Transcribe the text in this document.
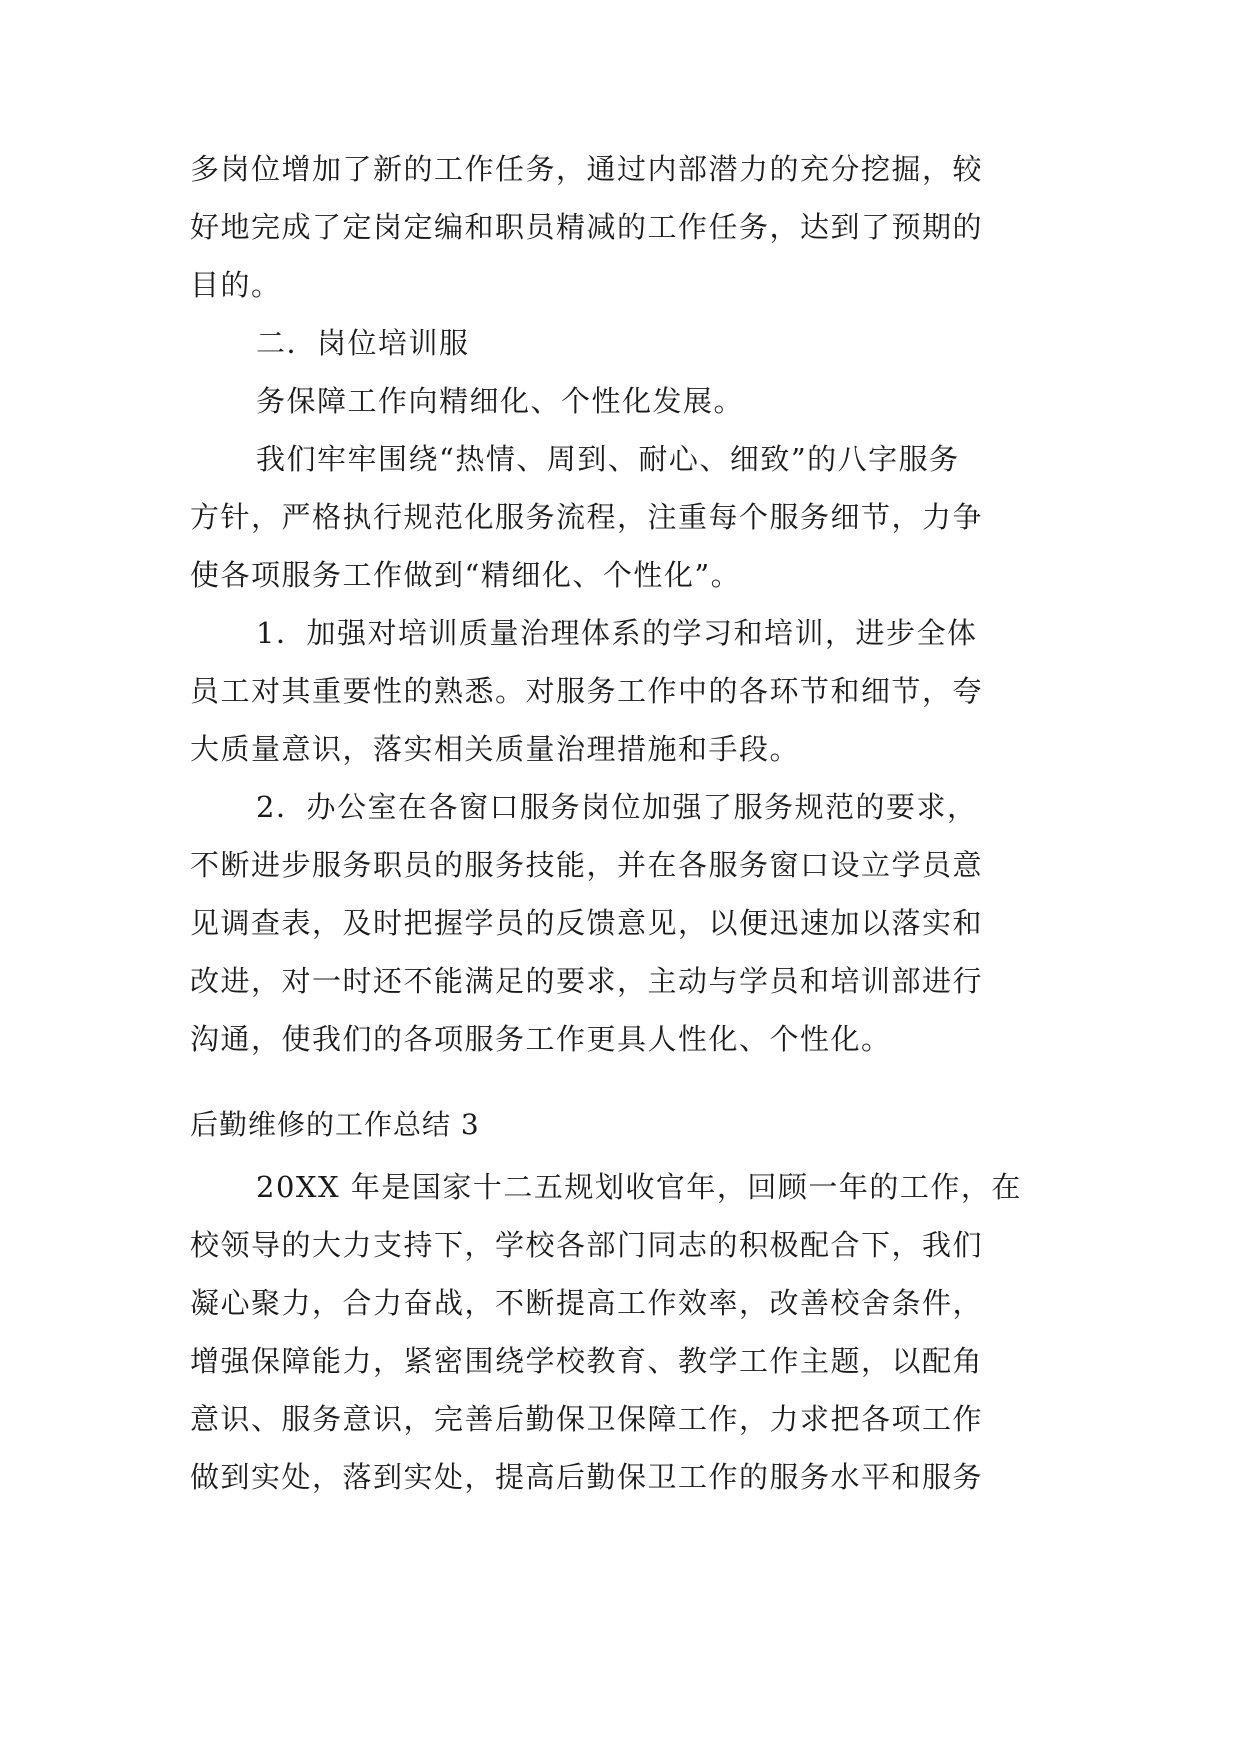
多岗位增加了新的工作任务，通过内部潜力的充分挖掘，较
好地完成了定岗定编和职员精减的工作任务，达到了预期的
目的。
二．岗位培训服
务保障工作向精细化、个性化发展。
我们牢牢围绕“热情、周到、耐心、细致”的八字服务
方针，严格执行规范化服务流程，注重每个服务细节，力争
使各项服务工作做到“精细化、个性化”。
1．加强对培训质量治理体系的学习和培训，进步全体
员工对其重要性的熟悉。对服务工作中的各环节和细节，夸
大质量意识，落实相关质量治理措施和手段。
2．办公室在各窗口服务岗位加强了服务规范的要求，
不断进步服务职员的服务技能，并在各服务窗口设立学员意
见调查表，及时把握学员的反馈意见，以便迅速加以落实和
改进，对一时还不能满足的要求，主动与学员和培训部进行
沟通，使我们的各项服务工作更具人性化、个性化。
后勤维修的工作总结 3
20XX 年是国家十二五规划收官年，回顾一年的工作，在
校领导的大力支持下，学校各部门同志的积极配合下，我们
凝心聚力，合力奋战，不断提高工作效率，改善校舍条件，
增强保障能力，紧密围绕学校教育、教学工作主题，以配角
意识、服务意识，完善后勤保卫保障工作，力求把各项工作
做到实处，落到实处，提高后勤保卫工作的服务水平和服务
